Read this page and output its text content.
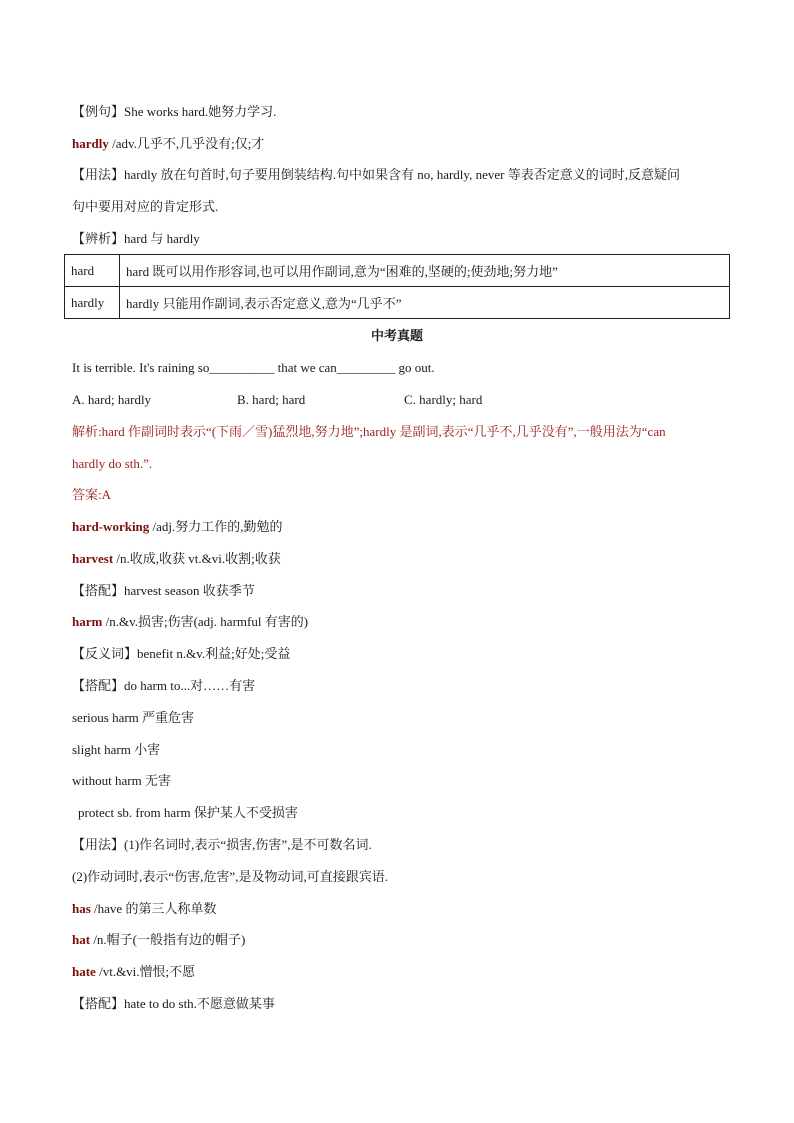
【例句】She works hard.她努力学习.
hardly /adv.几乎不,几乎没有;仅;才
【用法】hardly 放在句首时,句子要用倒装结构.句中如果含有 no, hardly, never 等表否定意义的词时,反意疑问
句中要用对应的肯定形式.
【辨析】hard 与 hardly
hard	hard 既可以用作形容词,也可以用作副词,意为“困难的,坚硬的;使劲地;努力地”
hardly	hardly 只能用作副词,表示否定意义,意为“几乎不”
中考真题
It is terrible. It's raining so__________ that we can_________ go out.
A. hard; hardly	B. hard; hard	C. hardly; hard
解析:hard 作副词时表示“(下雨／雪)猛烈地,努力地”;hardly 是副词,表示“几乎不,几乎没有”,一般用法为“can
hardly do sth.”.
答案:A
hard-working /adj.努力工作的,勤勉的
harvest /n.收成,收获 vt.&vi.收割;收获
【搭配】harvest season 收获季节
harm /n.&v.损害;伤害(adj. harmful 有害的)
【反义词】benefit n.&v.利益;好处;受益
【搭配】do harm to...对……有害
serious harm 严重危害
slight harm 小害
without harm 无害
protect sb. from harm 保护某人不受损害
【用法】(1)作名词时,表示“损害,伤害”,是不可数名词.
(2)作动词时,表示“伤害,危害”,是及物动词,可直接跟宾语.
has /have 的第三人称单数
hat /n.帽子(一般指有边的帽子)
hate /vt.&vi.憎恨;不愿
【搭配】hate to do sth.不愿意做某事
